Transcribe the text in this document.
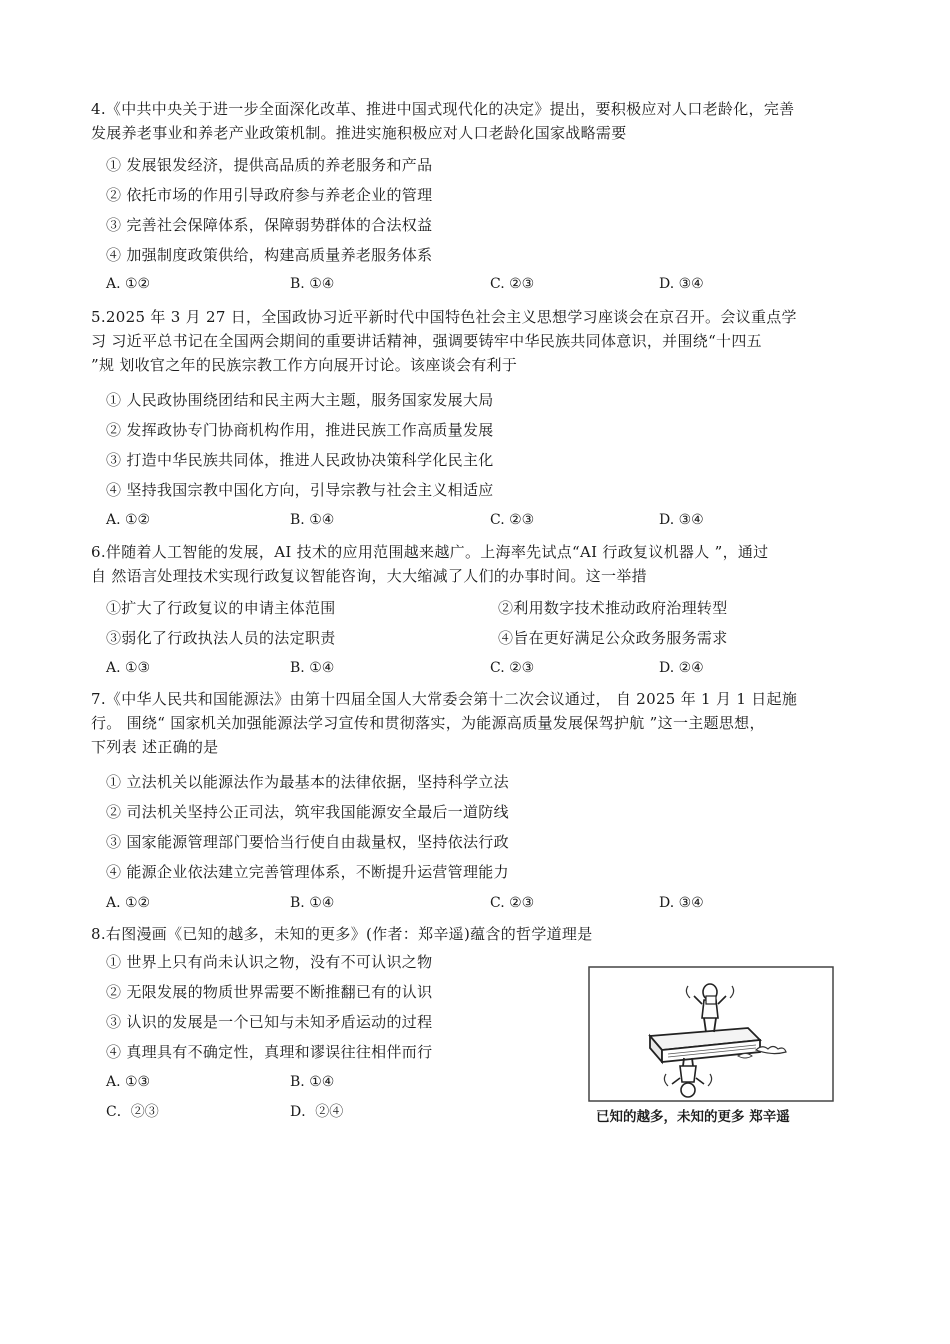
4.《中共中央关于进一步全面深化改革、推进中国式现代化的决定》提出，要积极应对人口老龄化，完善
发展养老事业和养老产业政策机制。推进实施积极应对人口老龄化国家战略需要
① 发展银发经济，提供高品质的养老服务和产品
② 依托市场的作用引导政府参与养老企业的管理
③ 完善社会保障体系，保障弱势群体的合法权益
④ 加强制度政策供给，构建高质量养老服务体系
A. ①②	B. ①④	C. ②③	D. ③④
5.2025 年 3 月 27 日，全国政协习近平新时代中国特色社会主义思想学习座谈会在京召开。会议重点学
习 习近平总书记在全国两会期间的重要讲话精神，强调要铸牢中华民族共同体意识，并围绕“十四五
”规 划收官之年的民族宗教工作方向展开讨论。该座谈会有利于
① 人民政协围绕团结和民主两大主题，服务国家发展大局
② 发挥政协专门协商机构作用，推进民族工作高质量发展
③ 打造中华民族共同体，推进人民政协决策科学化民主化
④ 坚持我国宗教中国化方向，引导宗教与社会主义相适应
A. ①②	B. ①④	C. ②③	D. ③④
6.伴随着人工智能的发展，AI 技术的应用范围越来越广。上海率先试点“AI 行政复议机器人 ”，通过
自 然语言处理技术实现行政复议智能咨询，大大缩减了人们的办事时间。这一举措
①扩大了行政复议的申请主体范围	②利用数字技术推动政府治理转型
③弱化了行政执法人员的法定职责	④旨在更好满足公众政务服务需求
A. ①③	B. ①④	C. ②③	D. ②④
7.《中华人民共和国能源法》由第十四届全国人大常委会第十二次会议通过， 自 2025 年 1 月 1 日起施
行。 围绕“ 国家机关加强能源法学习宣传和贯彻落实，为能源高质量发展保驾护航 ”这一主题思想，
下列表 述正确的是
① 立法机关以能源法作为最基本的法律依据，坚持科学立法
② 司法机关坚持公正司法，筑牢我国能源安全最后一道防线
③ 国家能源管理部门要恰当行使自由裁量权，坚持依法行政
④ 能源企业依法建立完善管理体系，不断提升运营管理能力
A. ①②	B. ①④	C. ②③	D. ③④
8.右图漫画《已知的越多，未知的更多》(作者：郑辛遥)蕴含的哲学道理是
① 世界上只有尚未认识之物，没有不可认识之物
② 无限发展的物质世界需要不断推翻已有的认识
③ 认识的发展是一个已知与未知矛盾运动的过程
④ 真理具有不确定性，真理和谬误往往相伴而行
A. ①③	B. ①④
C．②③	D．②④	已知的越多，未知的更多 郑辛遥
